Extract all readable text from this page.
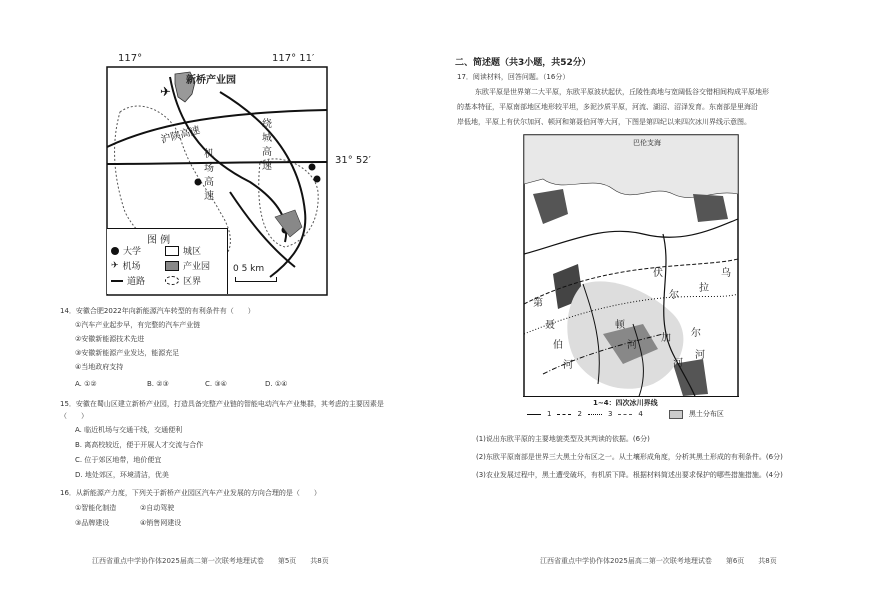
✈
117°	117° 11′
31° 52′
新桥产业园
沪陕高速
机场高速
绕城高速
图 例
大学	城区
✈ 机场	产业园
道路	区界
0 5 km
14．安徽合肥2022年向新能源汽车转型的有利条件有（　　）
①汽车产业起步早，有完整的汽车产业链
②安徽新能源技术先进
③安徽新能源产业发达，能源充足
④当地政府支持
A. ①②	B. ②③	C. ③④	D. ①④
15．安徽在蜀山区建立新桥产业园，打造具备完整产业链的智能电动汽车产业集群，其考虑的主要因素是（　　）
A. 临近机场与交通干线，交通便利
B. 离高校较近，便于开展人才交流与合作
C. 位于郊区地带，地价便宜
D. 地处郊区，环境清洁，优美
16．从新能源产力度，下列关于新桥产业园区汽车产业发展的方向合理的是（　　）
①智能化制造	②自动驾驶
③品牌建设	④销售网建设
江西省重点中学协作体2025届高二第一次联考地理试卷　　第5页　　共8页
二、简述题（共3小题，共52分）
17．阅读材料，回答问题。（16分）
东欧平原是世界第二大平原，东欧平原波状起伏，丘陵性高地与宽阔低谷交错相间构成平原地形
的基本特征，平原南部地区地形较平坦，多泥沙质平原，河流、湖沼、沼泽发育。东南部是里海沿
岸低地，平原上有伏尔加河、顿河和第聂伯河等大河，下图是第四纪以来四次冰川界线示意图。
巴伦支海
伏
尔
拉
乌
加
河
尔
河
第
聂
伯
河
顿
河
1~4：四次冰川界线
1	2	3	4	黑土分布区
(1)说出东欧平原的主要地貌类型及其判读的依据。(6分)
(2)东欧平原南部是世界三大黑土分布区之一。从土壤形成角度，分析其黑土形成的有利条件。(6分)
(3)农业发展过程中，黑土遭受破坏，有机质下降。根据材料简述出要求保护的哪些措施措施。(4分)
江西省重点中学协作体2025届高二第一次联考地理试卷　　第6页　　共8页
